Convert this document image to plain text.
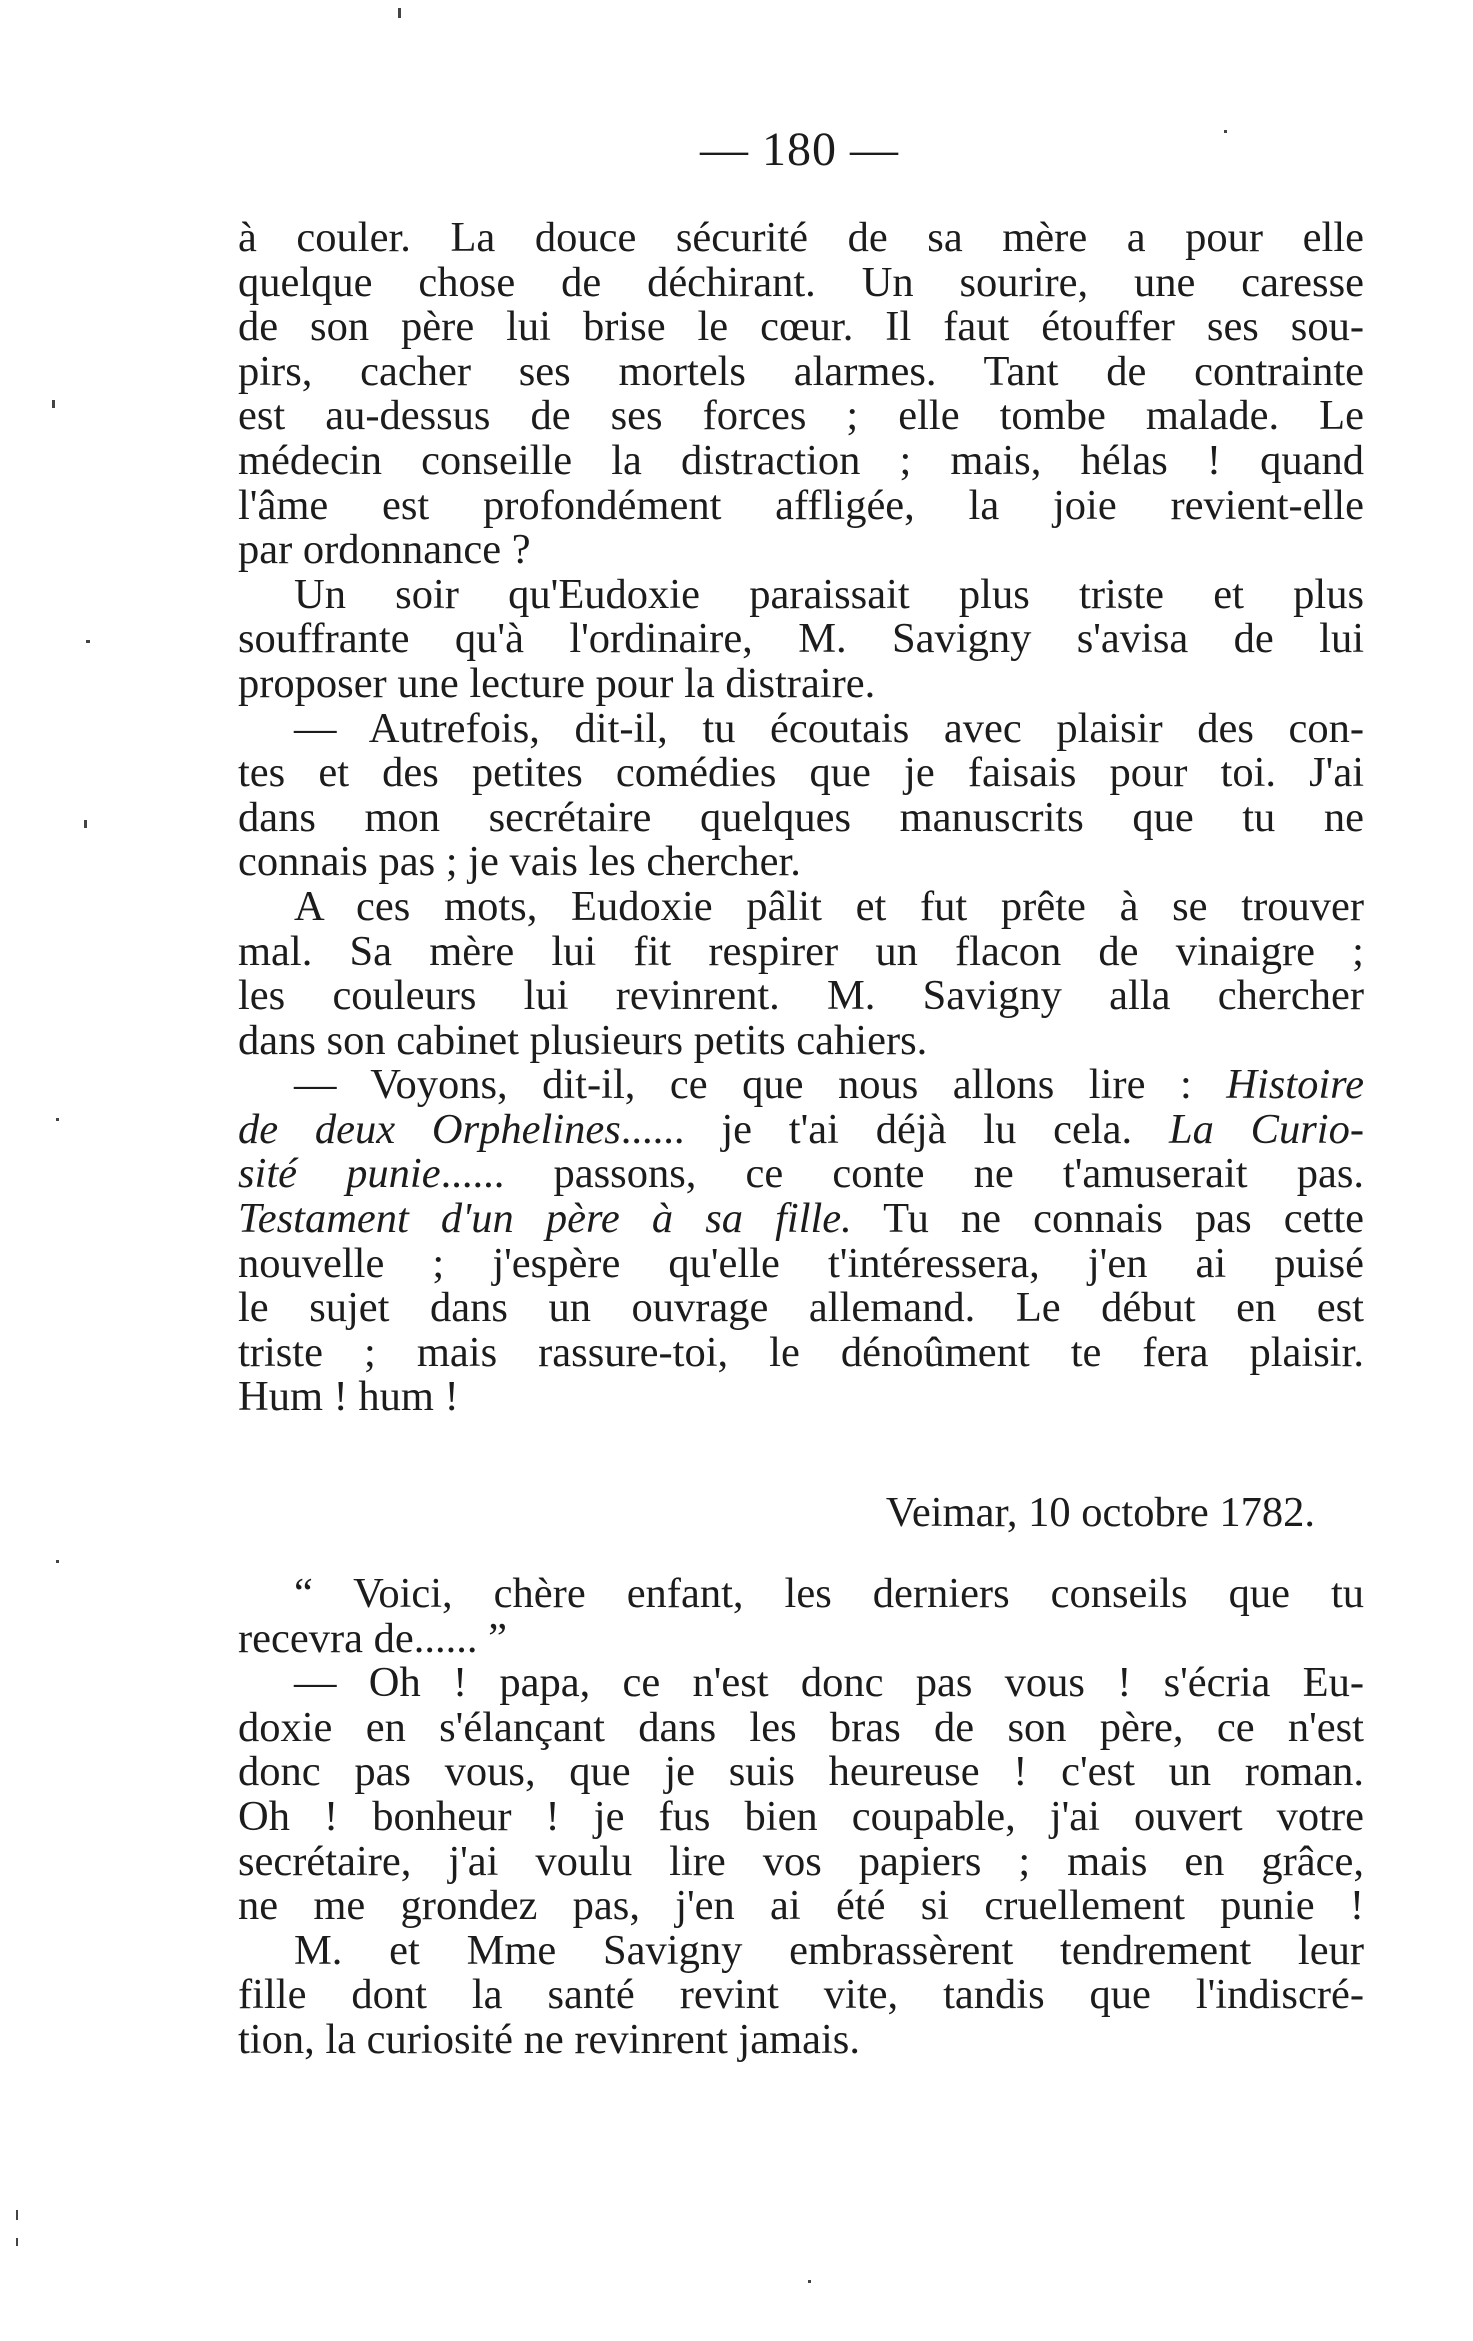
— 180 —
à couler. La douce sécurité de sa mère a pour elle
quelque chose de déchirant. Un sourire, une caresse
de son père lui brise le cœur. Il faut étouffer ses sou-
pirs, cacher ses mortels alarmes. Tant de contrainte
est au-dessus de ses forces ; elle tombe malade. Le
médecin conseille la distraction ; mais, hélas ! quand
l'âme est profondément affligée, la joie revient-elle
par ordonnance ?
Un soir qu'Eudoxie paraissait plus triste et plus
souffrante qu'à l'ordinaire, M. Savigny s'avisa de lui
proposer une lecture pour la distraire.
— Autrefois, dit-il, tu écoutais avec plaisir des con-
tes et des petites comédies que je faisais pour toi. J'ai
dans mon secrétaire quelques manuscrits que tu ne
connais pas ; je vais les chercher.
A ces mots, Eudoxie pâlit et fut prête à se trouver
mal. Sa mère lui fit respirer un flacon de vinaigre ;
les couleurs lui revinrent. M. Savigny alla chercher
dans son cabinet plusieurs petits cahiers.
— Voyons, dit-il, ce que nous allons lire : Histoire
de deux Orphelines...... je t'ai déjà lu cela. La Curio-
sité punie...... passons, ce conte ne t'amuserait pas.
Testament d'un père à sa fille. Tu ne connais pas cette
nouvelle ; j'espère qu'elle t'intéressera, j'en ai puisé
le sujet dans un ouvrage allemand. Le début en est
triste ; mais rassure-toi, le dénoûment te fera plaisir.
Hum ! hum !
Veimar, 10 octobre 1782.
“ Voici, chère enfant, les derniers conseils que tu
recevra de...... ”
— Oh ! papa, ce n'est donc pas vous ! s'écria Eu-
doxie en s'élançant dans les bras de son père, ce n'est
donc pas vous, que je suis heureuse ! c'est un roman.
Oh ! bonheur ! je fus bien coupable, j'ai ouvert votre
secrétaire, j'ai voulu lire vos papiers ; mais en grâce,
ne me grondez pas, j'en ai été si cruellement punie !
M. et Mme Savigny embrassèrent tendrement leur
fille dont la santé revint vite, tandis que l'indiscré-
tion, la curiosité ne revinrent jamais.
